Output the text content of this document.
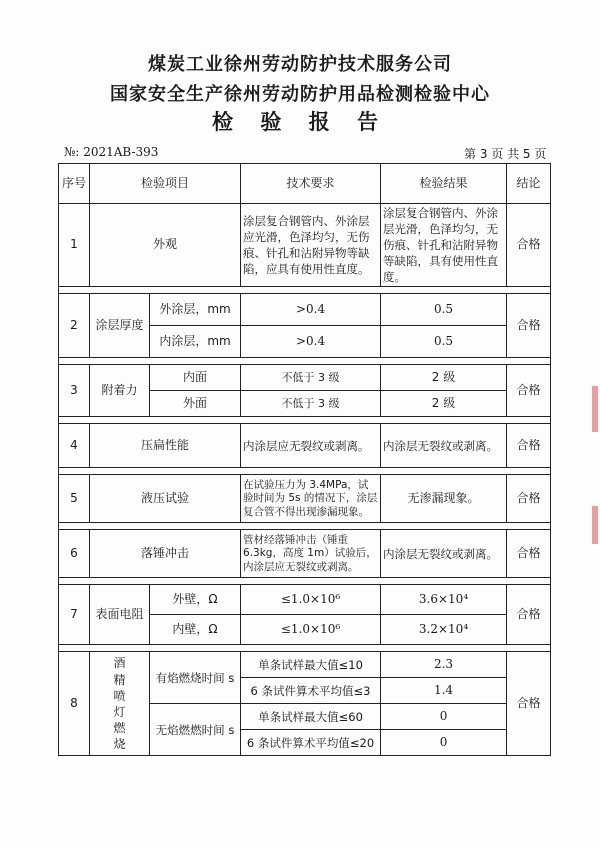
煤炭工业徐州劳动防护技术服务公司
国家安全生产徐州劳动防护用品检测检验中心
检 验 报 告
№: 2021AB-393	第 3 页 共 5 页
序号	检验项目		技术要求	检验结果	结论
1	外观		涂层复合钢管内、外涂层应光滑，色泽均匀，无伤痕、针孔和沾附异物等缺陷，应具有使用性直度。	涂层复合钢管内、外涂层光滑，色泽均匀，无伤痕、针孔和沾附异物等缺陷，具有使用性直度。	合格

2	涂层厚度	外涂层，mm	>0.4	0.5	合格
		内涂层，mm	>0.4	0.5	

3	附着力	内面	不低于 3 级	2 级	合格
		外面	不低于 3 级	2 级	

4	压扁性能		内涂层应无裂纹或剥离。	内涂层无裂纹或剥离。	合格

5	液压试验		在试验压力为 3.4MPa，试验时间为 5s 的情况下，涂层复合管不得出现渗漏现象。	无渗漏现象。	合格

6	落锤冲击		管材经落锤冲击（锤重 6.3kg，高度 1m）试验后，内涂层应无裂纹或剥离。	内涂层无裂纹或剥离。	合格

7	表面电阻	外壁，Ω	≤1.0×10⁶	3.6×10⁴	合格
		内壁，Ω	≤1.0×10⁶	3.2×10⁴	

8	酒精喷灯燃烧	有焰燃烧时间 s	单条试样最大值≤10	2.3	合格
			6 条试件算术平均值≤3	1.4	
		无焰燃燃时间 s	单条试样最大值≤60	0	
			6 条试件算术平均值≤20	0	
